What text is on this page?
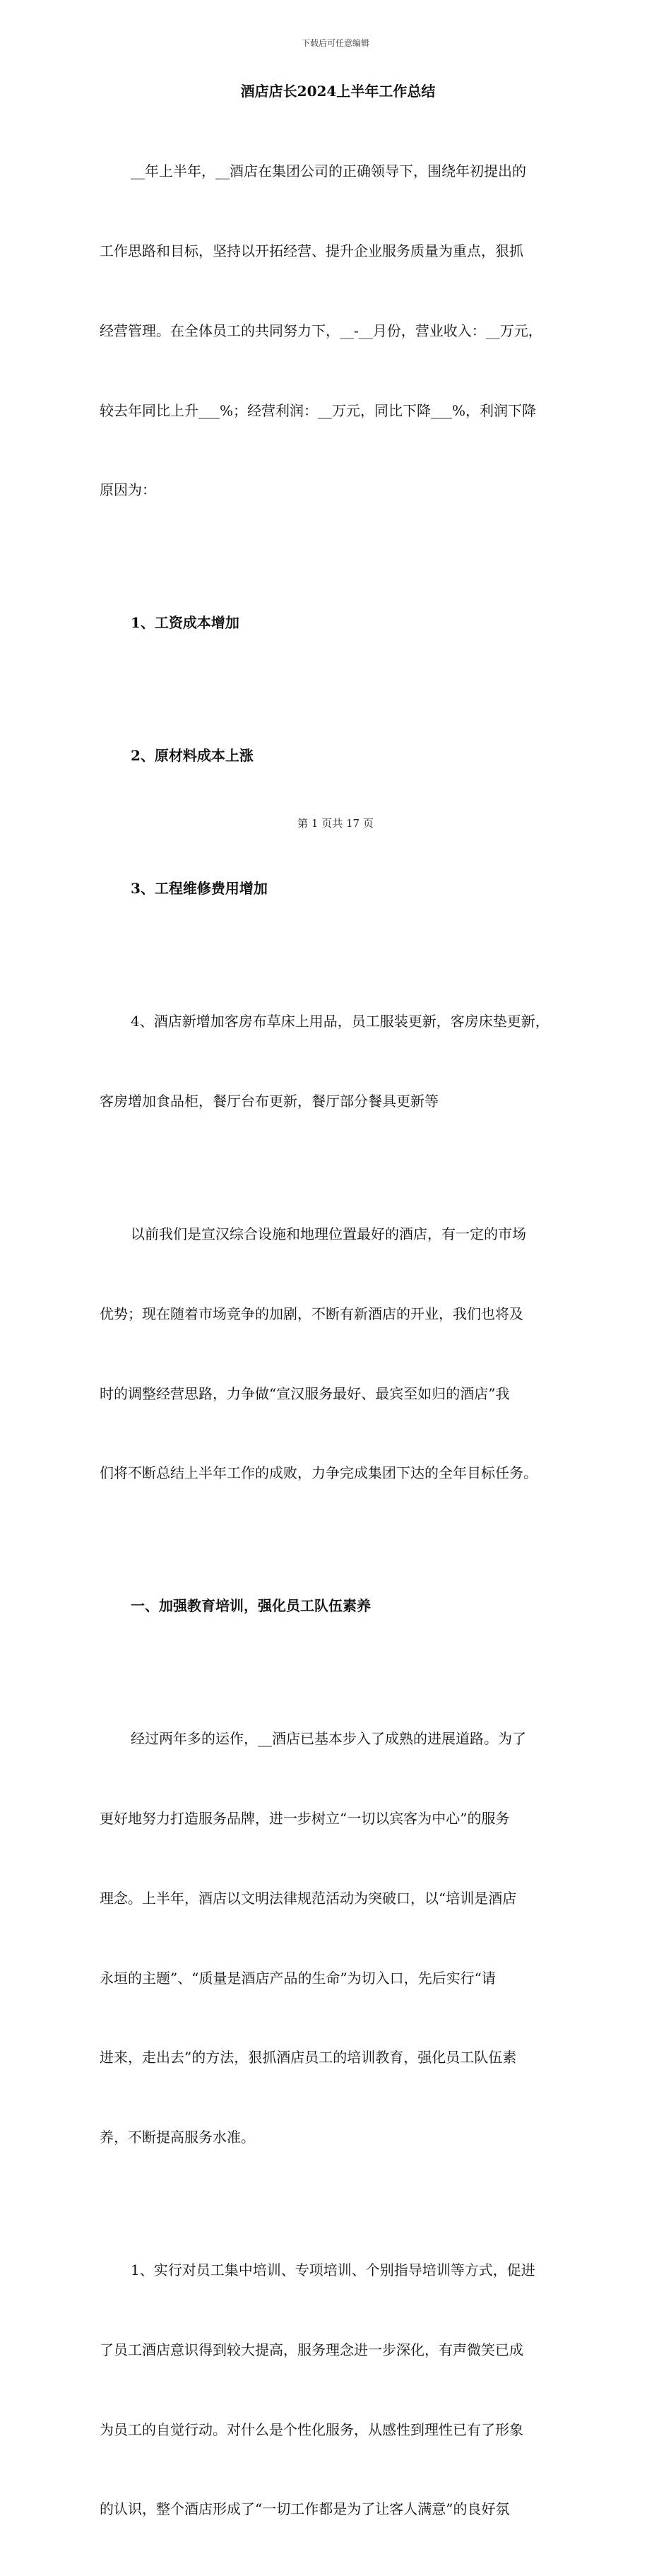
下载后可任意编辑
酒店店长2024上半年工作总结

__年上半年，__酒店在集团公司的正确领导下，围绕年初提出的

工作思路和目标，坚持以开拓经营、提升企业服务质量为重点，狠抓

经营管理。在全体员工的共同努力下，__-__月份，营业收入：__万元，

较去年同比上升___%；经营利润：__万元，同比下降___%，利润下降

原因为：

1、工资成本增加

2、原材料成本上涨

3、工程维修费用增加

4、酒店新增加客房布草床上用品，员工服装更新，客房床垫更新，

客房增加食品柜，餐厅台布更新，餐厅部分餐具更新等

以前我们是宣汉综合设施和地理位置最好的酒店，有一定的市场

优势；现在随着市场竞争的加剧，不断有新酒店的开业，我们也将及

时的调整经营思路，力争做“宣汉服务最好、最宾至如归的酒店”我

们将不断总结上半年工作的成败，力争完成集团下达的全年目标任务。

一、加强教育培训，强化员工队伍素养

经过两年多的运作，__酒店已基本步入了成熟的进展道路。为了

更好地努力打造服务品牌，进一步树立“一切以宾客为中心”的服务

理念。上半年，酒店以文明法律规范活动为突破口，以“培训是酒店

永垣的主题”、“质量是酒店产品的生命”为切入口，先后实行“请

进来，走出去”的方法，狠抓酒店员工的培训教育，强化员工队伍素

养，不断提高服务水准。

1、实行对员工集中培训、专项培训、个别指导培训等方式，促进

了员工酒店意识得到较大提高，服务理念进一步深化，有声微笑已成

为员工的自觉行动。对什么是个性化服务，从感性到理性已有了形象

的认识，整个酒店形成了“一切工作都是为了让客人满意”的良好氛

第 1 页共 17 页
